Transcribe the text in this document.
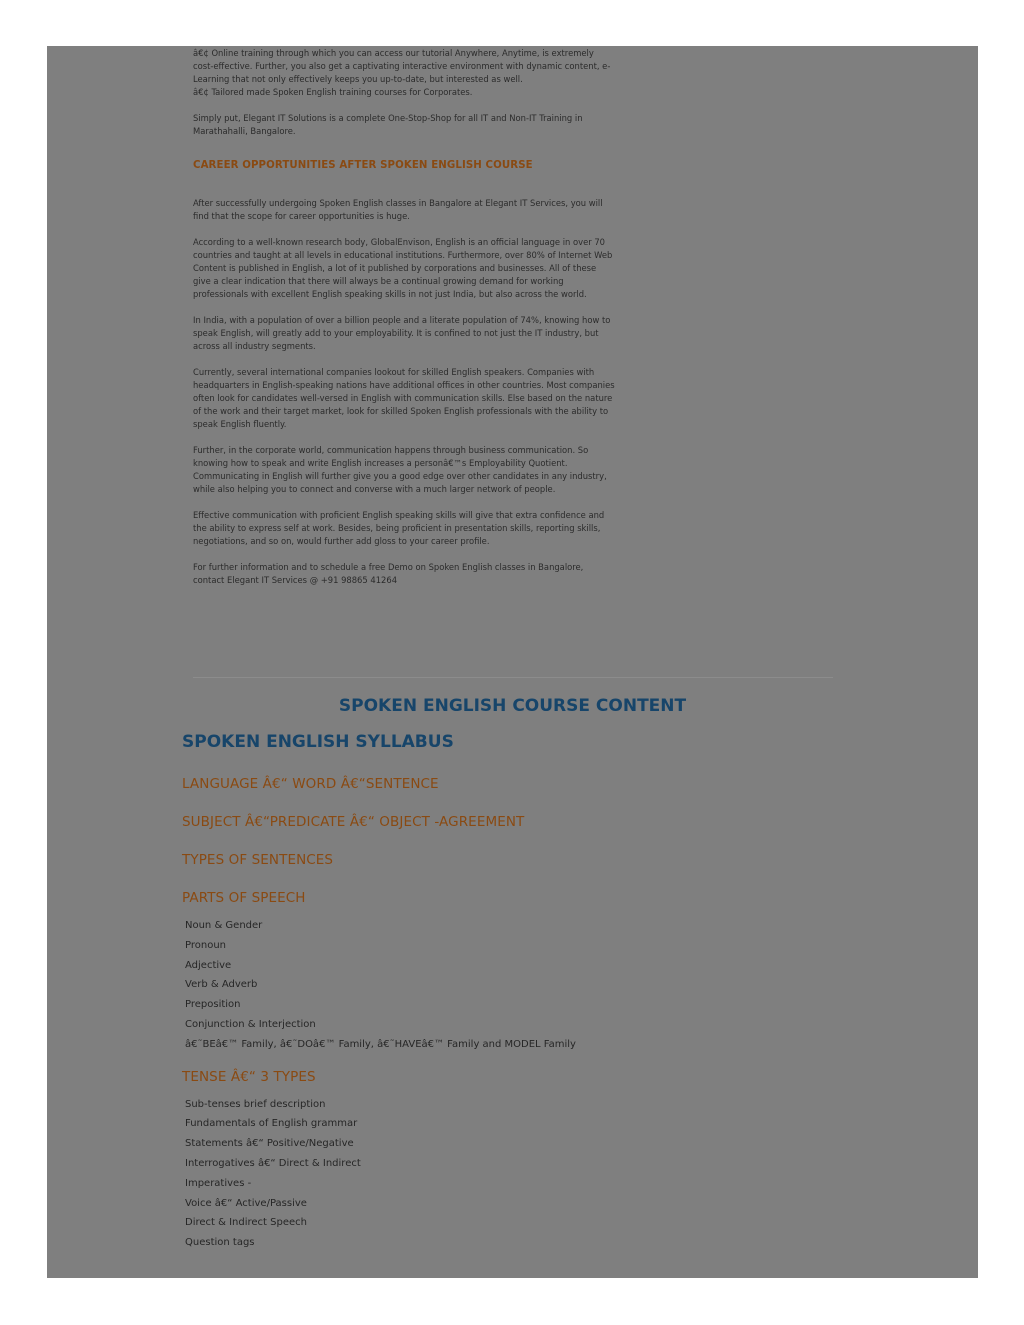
â€¢ Online training through which you can access our tutorial Anywhere, Anytime, is extremely cost-effective. Further, you also get a captivating interactive environment with dynamic content, e-Learning that not only effectively keeps you up-to-date, but interested as well.

â€¢ Tailored made Spoken English training courses for Corporates.

Simply put, Elegant IT Solutions is a complete One-Stop-Shop for all IT and Non-IT Training in Marathahalli, Bangalore.

CAREER OPPORTUNITIES AFTER SPOKEN ENGLISH COURSE

After successfully undergoing Spoken English classes in Bangalore at Elegant IT Services, you will find that the scope for career opportunities is huge.

According to a well-known research body, GlobalEnvison, English is an official language in over 70 countries and taught at all levels in educational institutions. Furthermore, over 80% of Internet Web Content is published in English, a lot of it published by corporations and businesses. All of these give a clear indication that there will always be a continual growing demand for working professionals with excellent English speaking skills in not just India, but also across the world.

In India, with a population of over a billion people and a literate population of 74%, knowing how to speak English, will greatly add to your employability. It is confined to not just the IT industry, but across all industry segments.

Currently, several international companies lookout for skilled English speakers. Companies with headquarters in English-speaking nations have additional offices in other countries. Most companies often look for candidates well-versed in English with communication skills. Else based on the nature of the work and their target market, look for skilled Spoken English professionals with the ability to speak English fluently.

Further, in the corporate world, communication happens through business communication. So knowing how to speak and write English increases a personâ€™s Employability Quotient. Communicating in English will further give you a good edge over other candidates in any industry, while also helping you to connect and converse with a much larger network of people.

Effective communication with proficient English speaking skills will give that extra confidence and the ability to express self at work. Besides, being proficient in presentation skills, reporting skills, negotiations, and so on, would further add gloss to your career profile.

For further information and to schedule a free Demo on Spoken English classes in Bangalore, contact Elegant IT Services @ +91 98865 41264

SPOKEN ENGLISH COURSE CONTENT
SPOKEN ENGLISH SYLLABUS
LANGUAGE Â€“ WORD Â€“SENTENCE
SUBJECT Â€“PREDICATE Â€“ OBJECT -AGREEMENT
TYPES OF SENTENCES
PARTS OF SPEECH
Noun & Gender
Pronoun
Adjective
Verb & Adverb
Preposition
Conjunction & Interjection
â€˜BEâ€™ Family, â€˜DOâ€™ Family, â€˜HAVEâ€™ Family and MODEL Family
TENSE Â€“ 3 TYPES
Sub-tenses brief description
Fundamentals of English grammar
Statements â€“ Positive/Negative
Interrogatives â€“ Direct & Indirect
Imperatives -
Voice â€“ Active/Passive
Direct & Indirect Speech
Question tags
